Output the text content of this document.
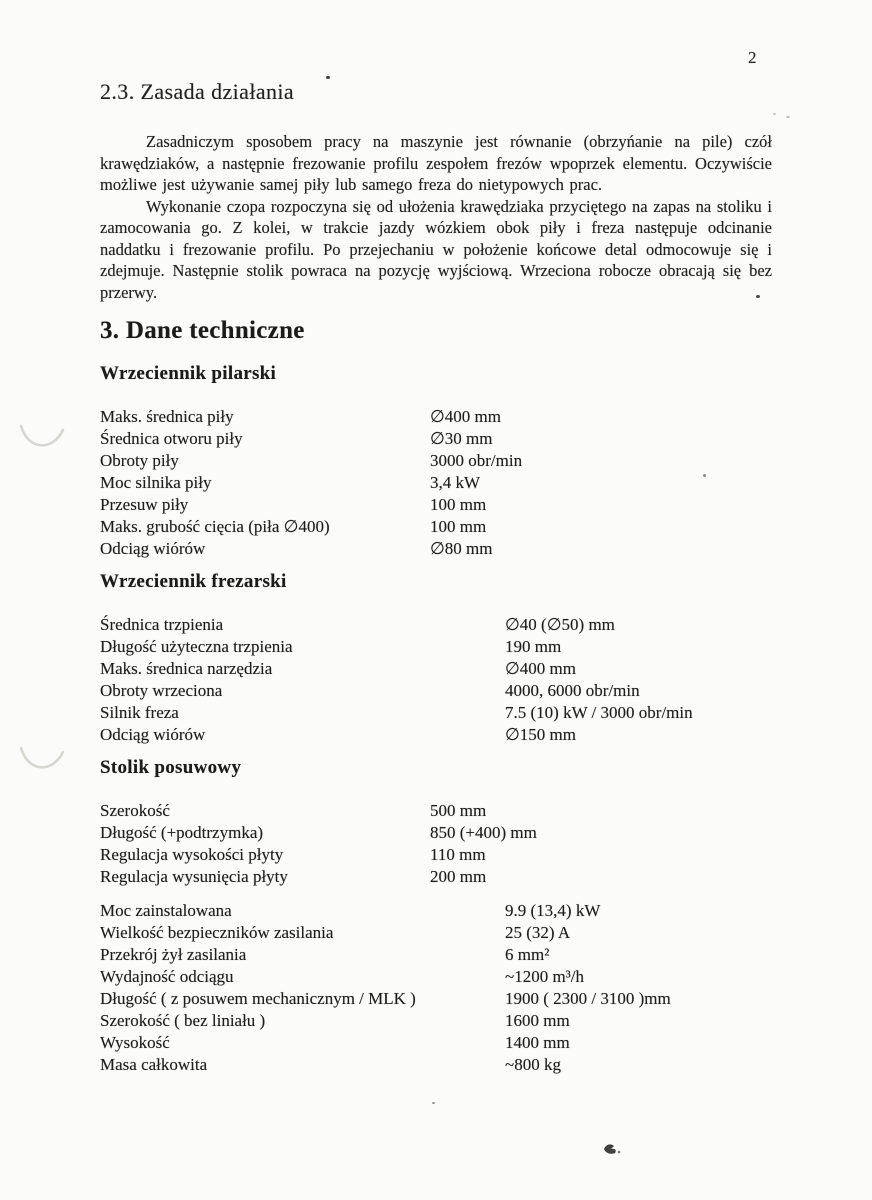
2
2.3. Zasada działania

Zasadniczym sposobem pracy na maszynie jest równanie (obrzyńanie na pile) czół krawędziaków, a następnie frezowanie profilu zespołem frezów wpoprzek elementu. Oczywiście możliwe jest używanie samej piły lub samego freza do nietypowych prac.

Wykonanie czopa rozpoczyna się od ułożenia krawędziaka przyciętego na zapas na stoliku i zamocowania go. Z kolei, w trakcie jazdy wózkiem obok piły i freza następuje odcinanie naddatku i frezowanie profilu. Po przejechaniu w położenie końcowe detal odmocowuje się i zdejmuje. Następnie stolik powraca na pozycję wyjściową. Wrzeciona robocze obracają się bez przerwy.

3. Dane techniczne
Wrzeciennik pilarski
Maks. średnica piły	∅400 mm
Średnica otworu piły	∅30 mm
Obroty piły	3000 obr/min
Moc silnika piły	3,4 kW
Przesuw piły	100 mm
Maks. grubość cięcia (piła ∅400)	100 mm
Odciąg wiórów	∅80 mm
Wrzeciennik frezarski
Średnica trzpienia	∅40 (∅50) mm
Długość użyteczna trzpienia	190 mm
Maks. średnica narzędzia	∅400 mm
Obroty wrzeciona	4000, 6000 obr/min
Silnik freza	7.5 (10) kW / 3000 obr/min
Odciąg wiórów	∅150 mm
Stolik posuwowy
Szerokość	500 mm
Długość (+podtrzymka)	850 (+400) mm
Regulacja wysokości płyty	110 mm
Regulacja wysunięcia płyty	200 mm
Moc zainstalowana	9.9 (13,4) kW
Wielkość bezpieczników zasilania	25 (32) A
Przekrój żył zasilania	6 mm²
Wydajność odciągu	~1200 m³/h
Długość ( z posuwem mechanicznym / MLK )	1900 ( 2300 / 3100 )mm
Szerokość ( bez liniału )	1600 mm
Wysokość	1400 mm
Masa całkowita	~800 kg
